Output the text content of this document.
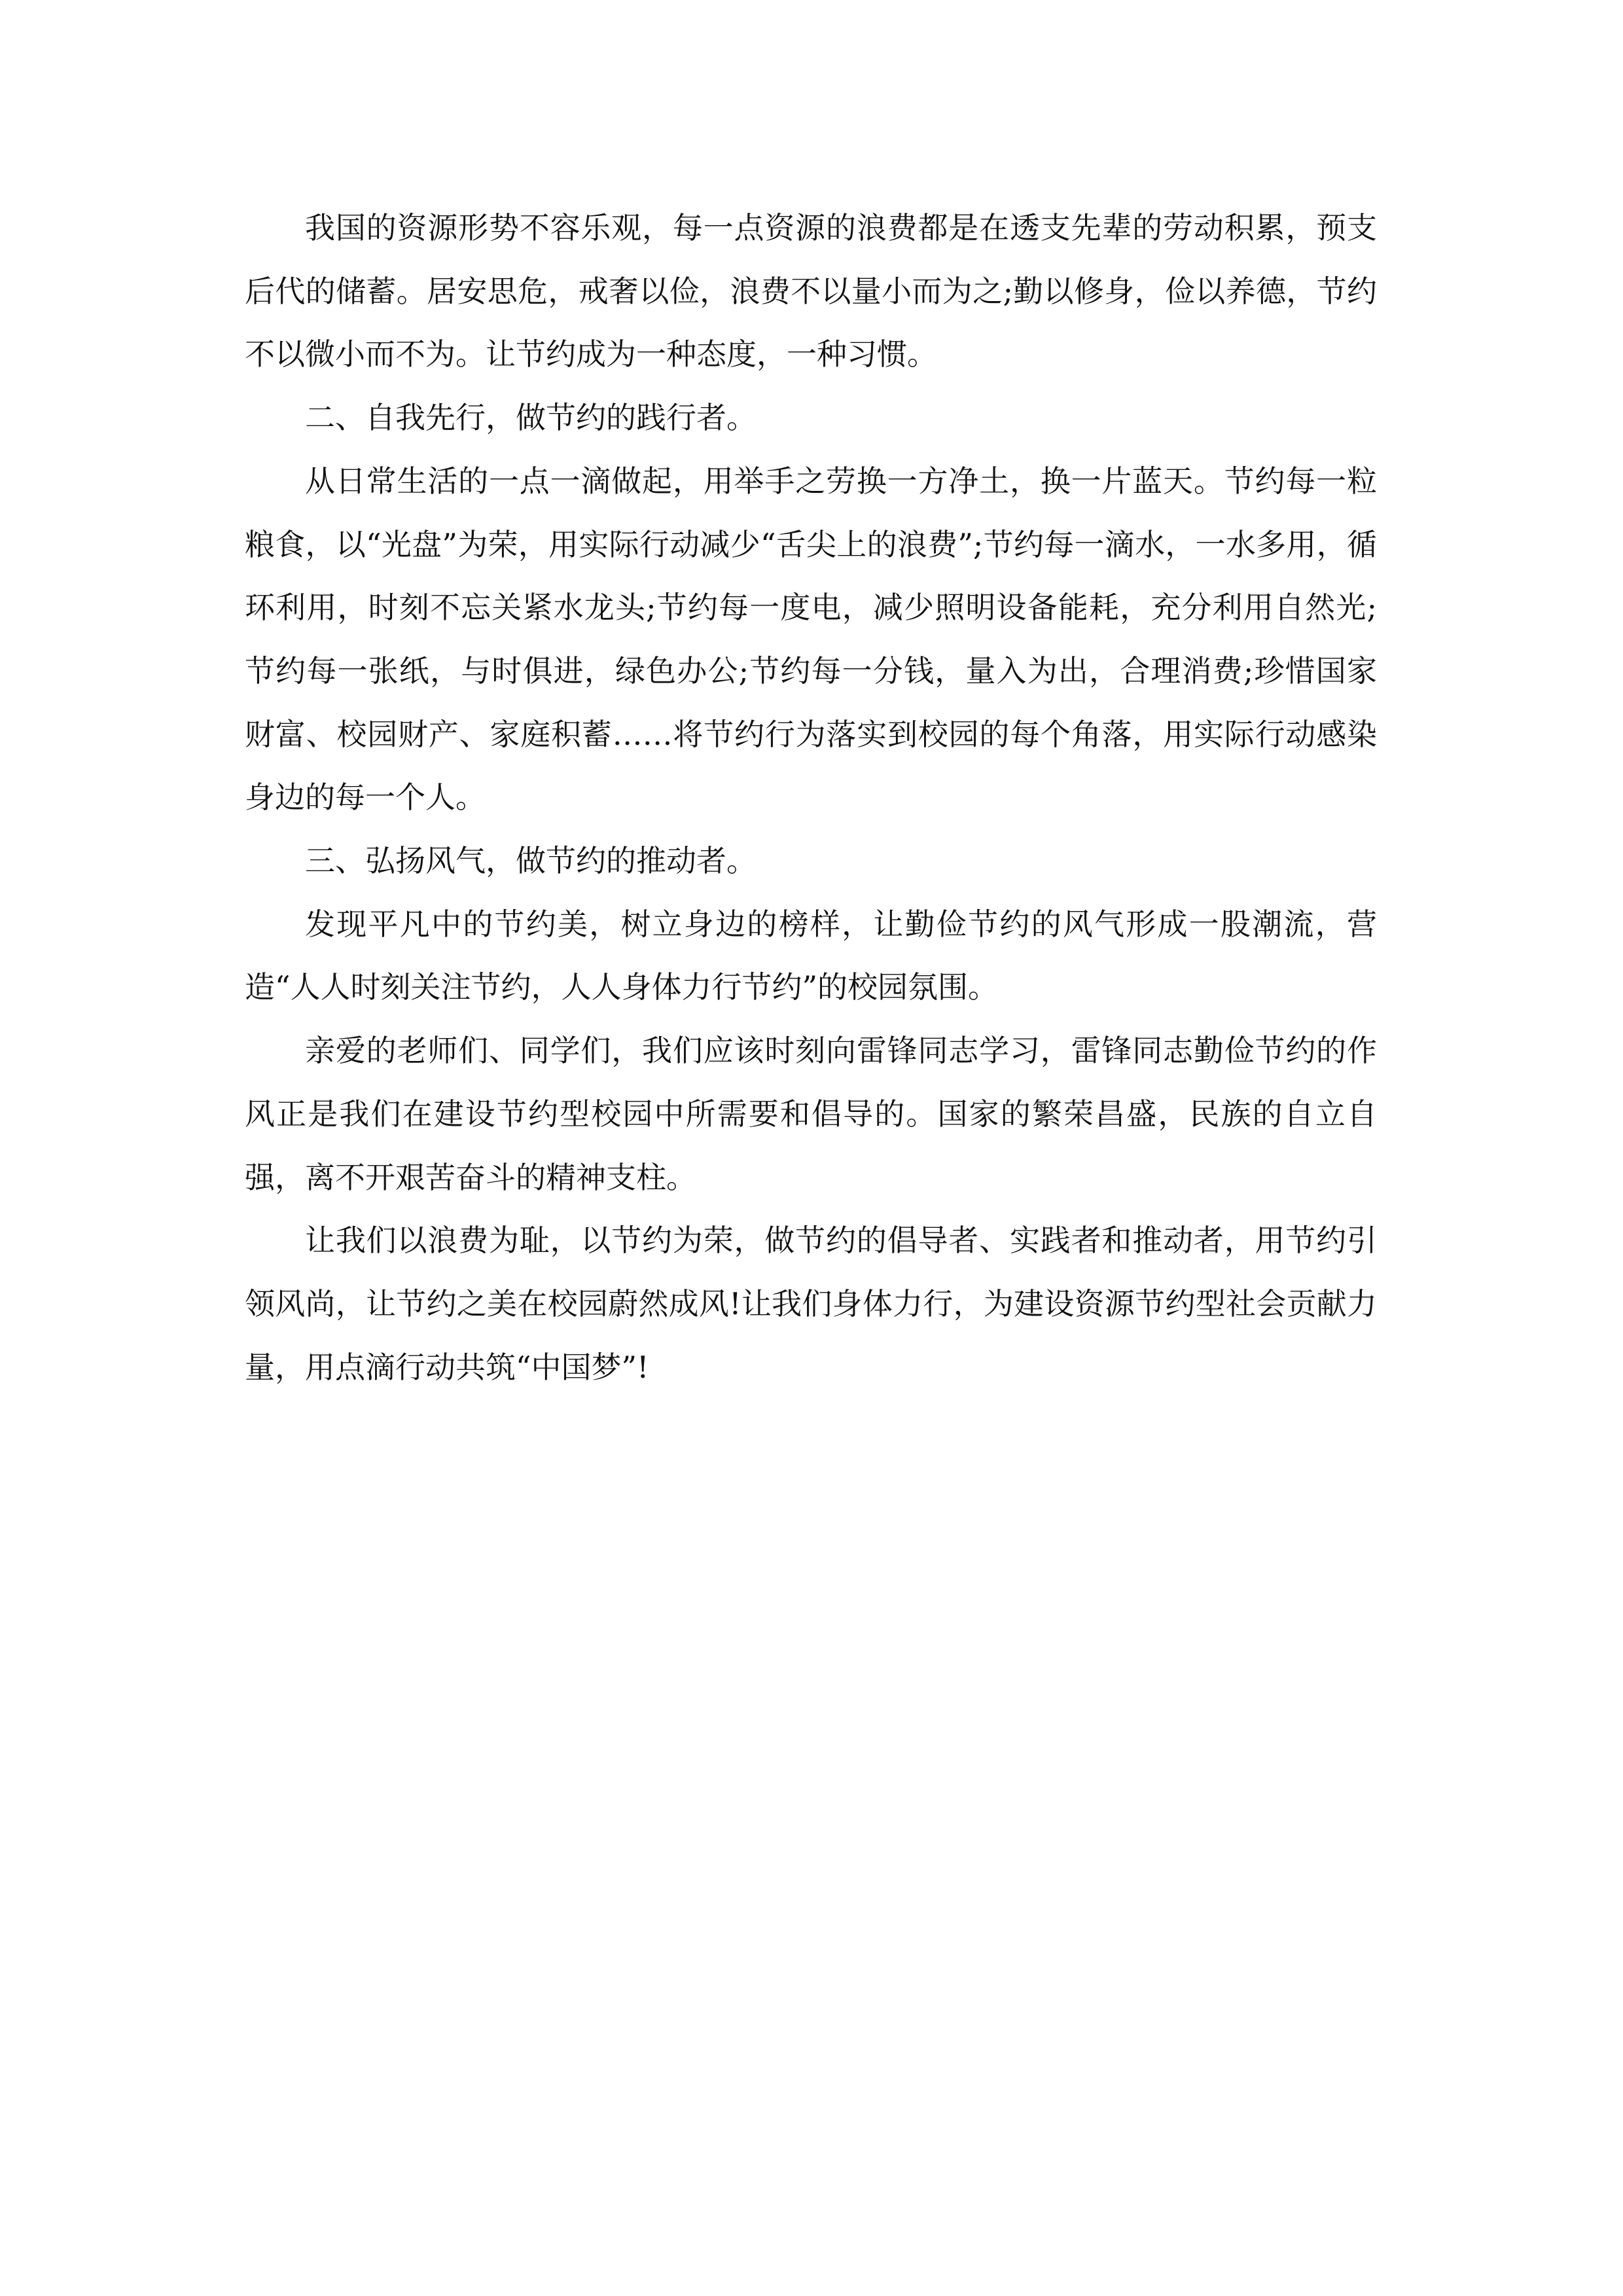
我国的资源形势不容乐观，每一点资源的浪费都是在透支先辈的劳动积累，预支后代的储蓄。居安思危，戒奢以俭，浪费不以量小而为之;勤以修身，俭以养德，节约不以微小而不为。让节约成为一种态度，一种习惯。

二、自我先行，做节约的践行者。

从日常生活的一点一滴做起，用举手之劳换一方净土，换一片蓝天。节约每一粒粮食，以“光盘”为荣，用实际行动减少“舌尖上的浪费”;节约每一滴水，一水多用，循环利用，时刻不忘关紧水龙头;节约每一度电，减少照明设备能耗，充分利用自然光;节约每一张纸，与时俱进，绿色办公;节约每一分钱，量入为出，合理消费;珍惜国家财富、校园财产、家庭积蓄……将节约行为落实到校园的每个角落，用实际行动感染身边的每一个人。

三、弘扬风气，做节约的推动者。

发现平凡中的节约美，树立身边的榜样，让勤俭节约的风气形成一股潮流，营造“人人时刻关注节约，人人身体力行节约”的校园氛围。

亲爱的老师们、同学们，我们应该时刻向雷锋同志学习，雷锋同志勤俭节约的作风正是我们在建设节约型校园中所需要和倡导的。国家的繁荣昌盛，民族的自立自强，离不开艰苦奋斗的精神支柱。

让我们以浪费为耻，以节约为荣，做节约的倡导者、实践者和推动者，用节约引领风尚，让节约之美在校园蔚然成风!让我们身体力行，为建设资源节约型社会贡献力量，用点滴行动共筑“中国梦”!
